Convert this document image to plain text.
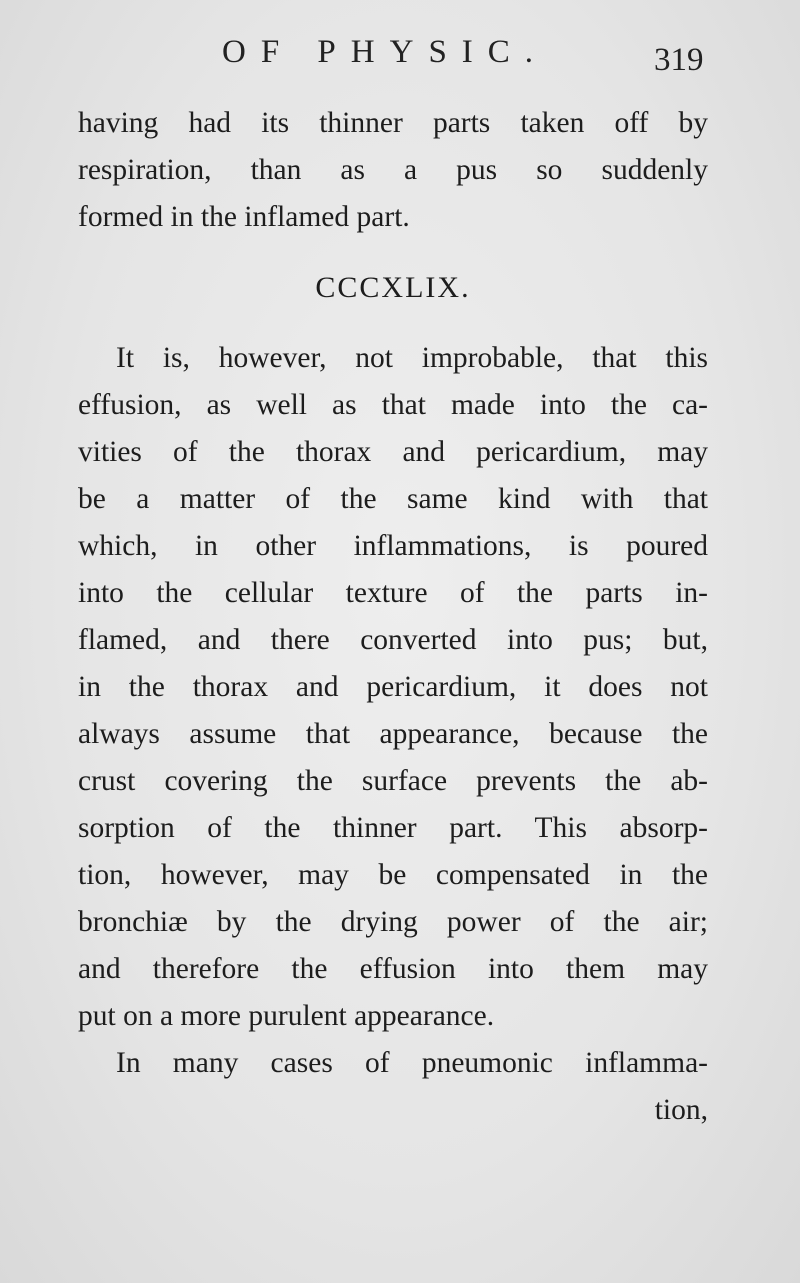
OF PHYSIC.	319
having had its thinner parts taken off by
respiration, than as a pus so suddenly
formed in the inflamed part.
CCCXLIX.
It is, however, not improbable, that this
effusion, as well as that made into the ca-
vities of the thorax and pericardium, may
be a matter of the same kind with that
which, in other inflammations, is poured
into the cellular texture of the parts in-
flamed, and there converted into pus; but,
in the thorax and pericardium, it does not
always assume that appearance, because the
crust covering the surface prevents the ab-
sorption of the thinner part. This absorp-
tion, however, may be compensated in the
bronchiæ by the drying power of the air;
and therefore the effusion into them may
put on a more purulent appearance.
In many cases of pneumonic inflamma-
tion,
